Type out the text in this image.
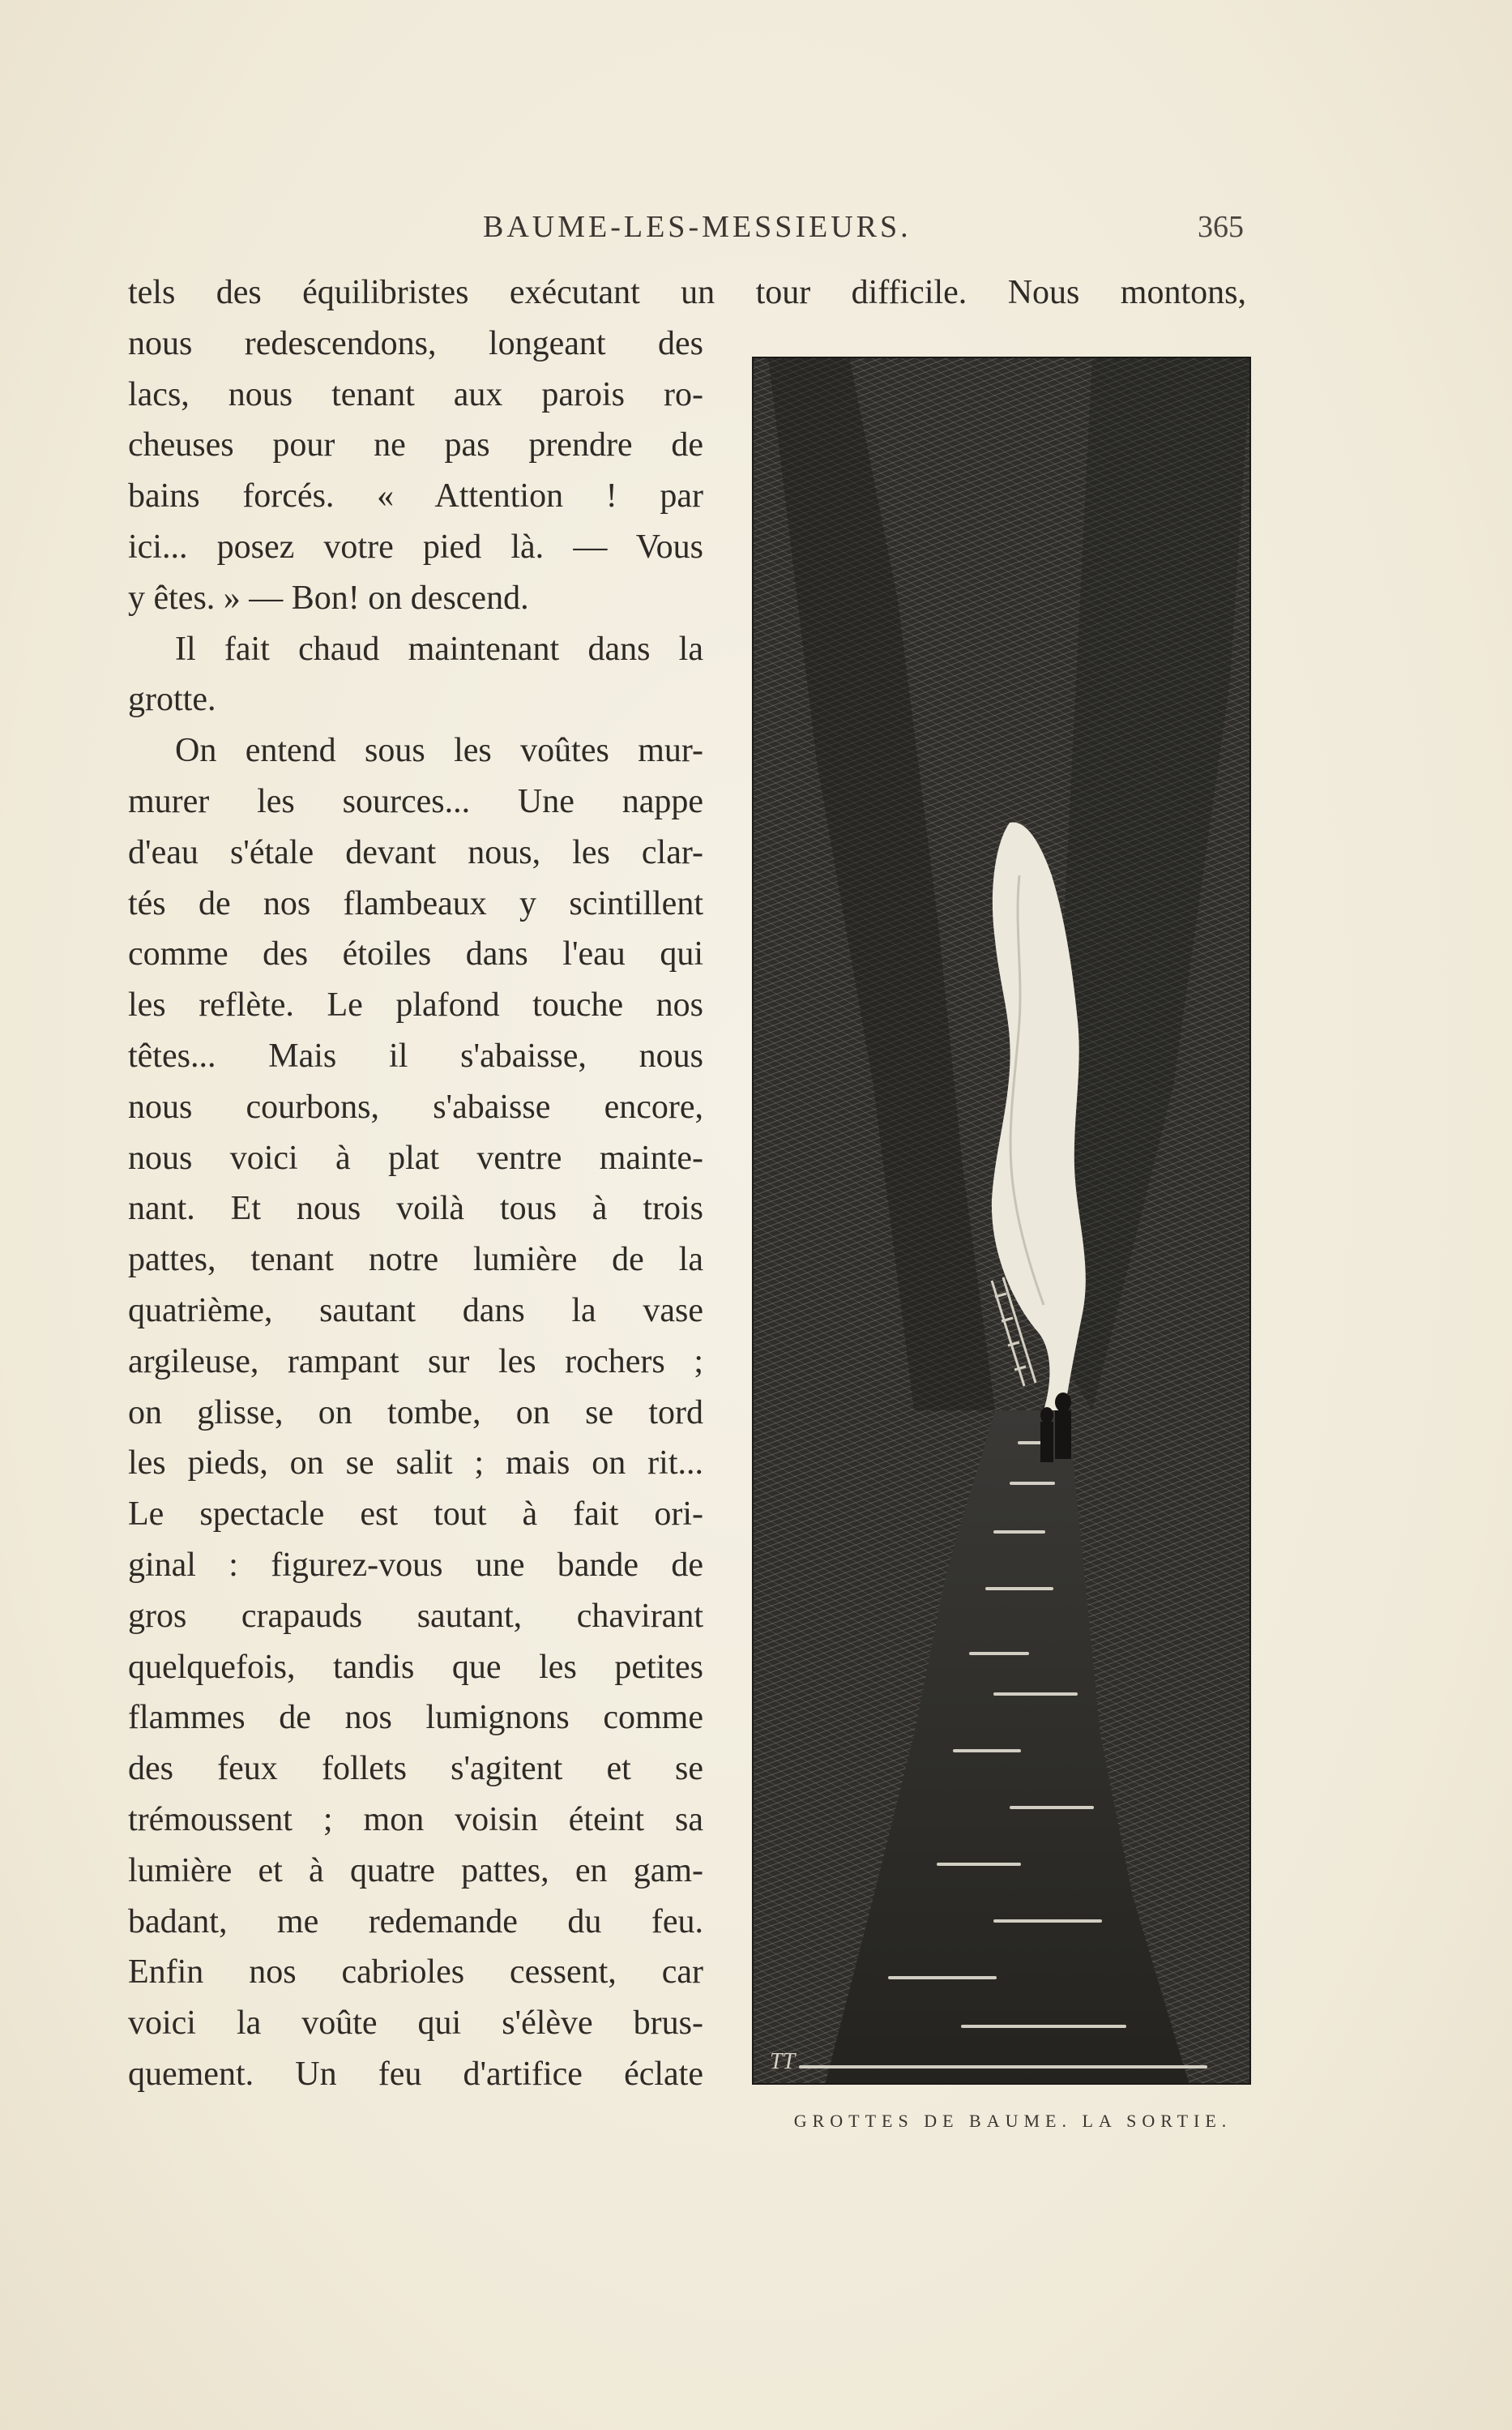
BAUME-LES-MESSIEURS.	365
tels des équilibristes exécutant un tour difficile. Nous montons,
nous redescendons, longeant des
lacs, nous tenant aux parois ro-
cheuses pour ne pas prendre de
bains forcés. « Attention ! par
ici... posez votre pied là. — Vous
y êtes. » — Bon! on descend.
Il fait chaud maintenant dans la
grotte.
On entend sous les voûtes mur-
murer les sources... Une nappe
d'eau s'étale devant nous, les clar-
tés de nos flambeaux y scintillent
comme des étoiles dans l'eau qui
les reflète. Le plafond touche nos
têtes... Mais il s'abaisse, nous
nous courbons, s'abaisse encore,
nous voici à plat ventre mainte-
nant. Et nous voilà tous à trois
pattes, tenant notre lumière de la
quatrième, sautant dans la vase
argileuse, rampant sur les rochers ;
on glisse, on tombe, on se tord
les pieds, on se salit ; mais on rit...
Le spectacle est tout à fait ori-
ginal : figurez-vous une bande de
gros crapauds sautant, chavirant
quelquefois, tandis que les petites
flammes de nos lumignons comme
des feux follets s'agitent et se
trémoussent ; mon voisin éteint sa
lumière et à quatre pattes, en gam-
badant, me redemande du feu.
Enfin nos cabrioles cessent, car
voici la voûte qui s'élève brus-
quement. Un feu d'artifice éclate	TT
GROTTES DE BAUME. LA SORTIE.
